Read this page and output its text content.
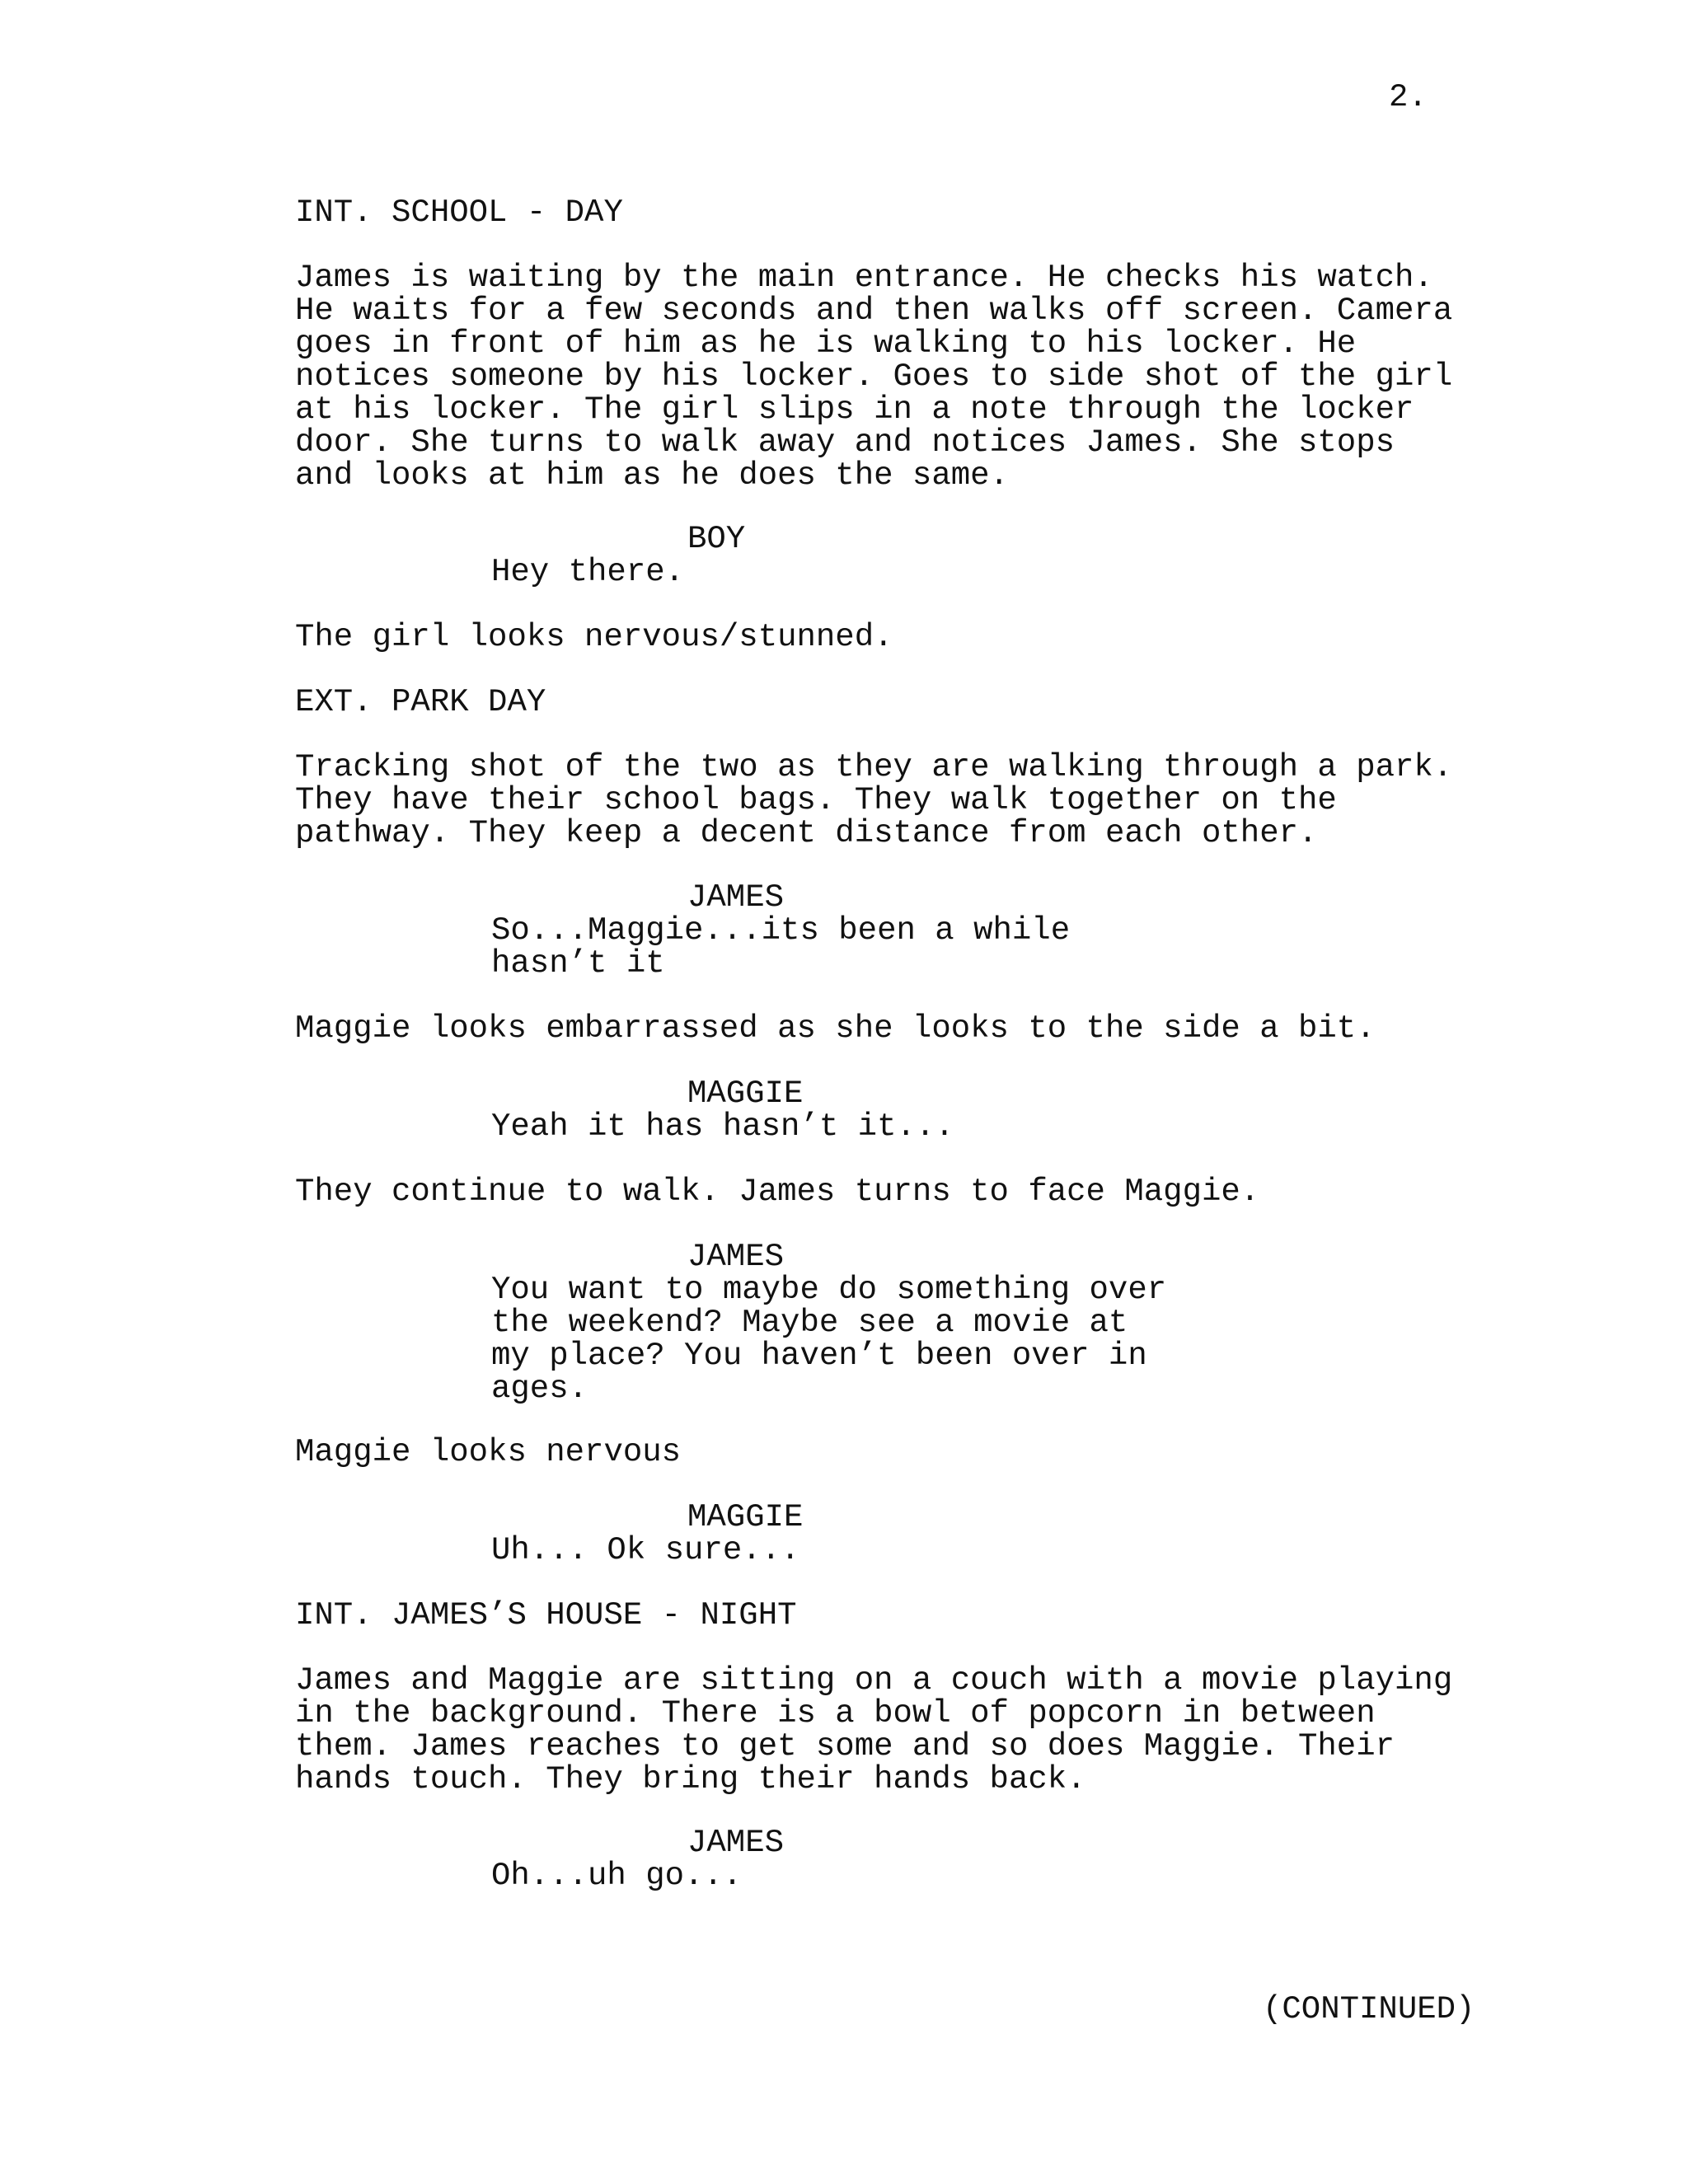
2.
INT. SCHOOL - DAY
James is waiting by the main entrance. He checks his watch.
He waits for a few seconds and then walks off screen. Camera
goes in front of him as he is walking to his locker. He
notices someone by his locker. Goes to side shot of the girl
at his locker. The girl slips in a note through the locker
door. She turns to walk away and notices James. She stops
and looks at him as he does the same.
BOY
Hey there.
The girl looks nervous/stunned.
EXT. PARK DAY
Tracking shot of the two as they are walking through a park.
They have their school bags. They walk together on the
pathway. They keep a decent distance from each other.
JAMES
So...Maggie...its been a while
hasn’t it
Maggie looks embarrassed as she looks to the side a bit.
MAGGIE
Yeah it has hasn’t it...
They continue to walk. James turns to face Maggie.
JAMES
You want to maybe do something over
the weekend? Maybe see a movie at
my place? You haven’t been over in
ages.
Maggie looks nervous
MAGGIE
Uh... Ok sure...
INT. JAMES’S HOUSE - NIGHT
James and Maggie are sitting on a couch with a movie playing
in the background. There is a bowl of popcorn in between
them. James reaches to get some and so does Maggie. Their
hands touch. They bring their hands back.
JAMES
Oh...uh go...
(CONTINUED)
